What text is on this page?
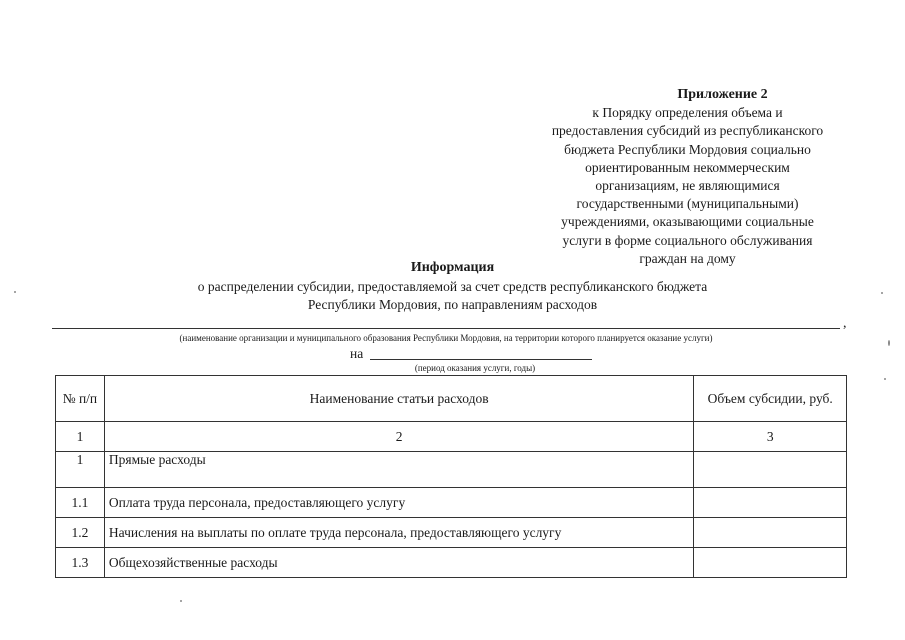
Приложение 2
к Порядку определения объема и
предоставления субсидий из республиканского
бюджета Республики Мордовия социально
ориентированным некоммерческим
организациям, не являющимися
государственными (муниципальными)
учреждениями, оказывающими социальные
услуги в форме социального обслуживания
граждан на дому
Информация
о распределении субсидии, предоставляемой за счет средств республиканского бюджета
Республики Мордовия, по направлениям расходов
,
(наименование организации и муниципального образования Республики Мордовия, на территории которого планируется оказание услуги)
на
(период оказания услуги, годы)
№ п/п	Наименование статьи расходов	Объем субсидии, руб.
1	2	3
1	Прямые расходы	
1.1	Оплата труда персонала, предоставляющего услугу	
1.2	Начисления на выплаты по оплате труда персонала, предоставляющего услугу	
1.3	Общехозяйственные расходы	
